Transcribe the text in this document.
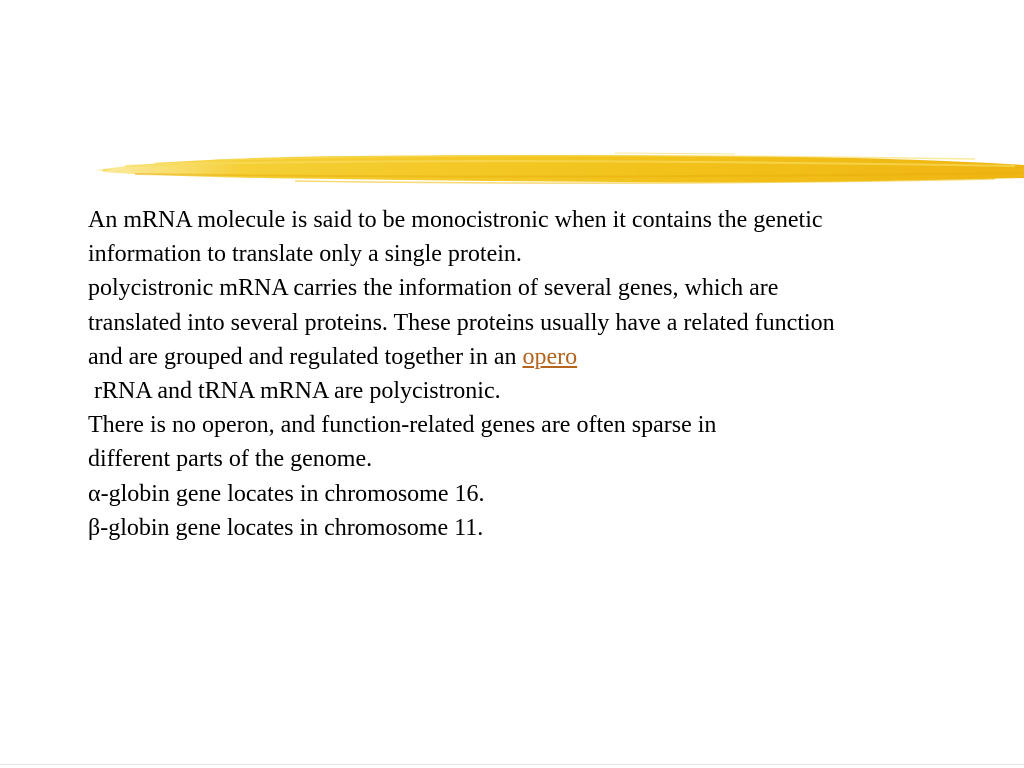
An mRNA molecule is said to be monocistronic when it contains the genetic
information to translate only a single protein.
polycistronic mRNA carries the information of several genes, which are
translated into several proteins. These proteins usually have a related function
and are grouped and regulated together in an opero
rRNA and tRNA mRNA are polycistronic.
There is no operon, and function-related genes are often sparse in
different parts of the genome.
α-globin gene locates in chromosome 16.
β-globin gene locates in chromosome 11.
